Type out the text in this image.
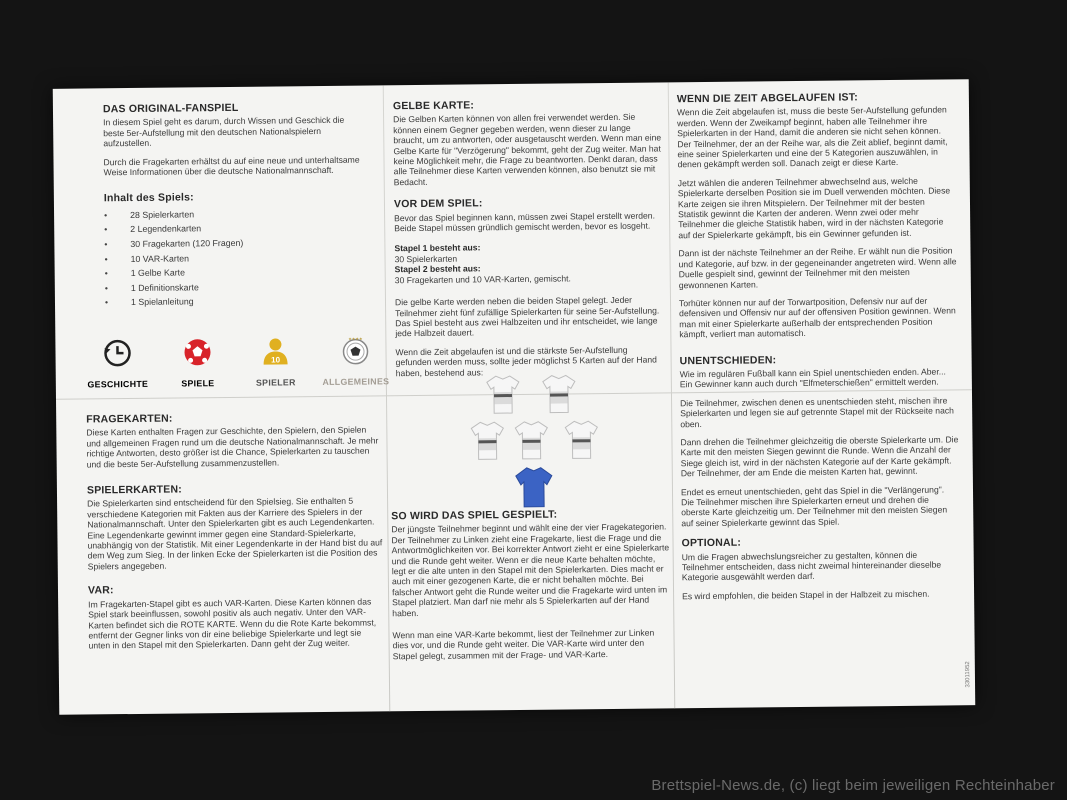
DAS ORIGINAL-FANSPIEL

In diesem Spiel geht es darum, durch Wissen und Geschick die beste 5er-Aufstellung mit den deutschen Nationalspielern aufzustellen.

Durch die Fragekarten erhältst du auf eine neue und unterhaltsame Weise Informationen über die deutsche Nationalmannschaft.

Inhalt des Spiels:
• 28 Spielerkarten
• 2 Legendenkarten
• 30 Fragekarten (120 Fragen)
• 10 VAR-Karten
• 1 Gelbe Karte
• 1 Definitionskarte
• 1 Spielanleitung
GESCHICHTE	SPIELE
10
SPIELER
★★★★
ALLGEMEINES
FRAGEKARTEN:

Diese Karten enthalten Fragen zur Geschichte, den Spielern, den Spielen und allgemeinen Fragen rund um die deutsche Nationalmannschaft. Je mehr richtige Antworten, desto größer ist die Chance, Spielerkarten zu tauschen und die beste 5er-Aufstellung zusammenzustellen.

SPIELERKARTEN:

Die Spielerkarten sind entscheidend für den Spielsieg. Sie enthalten 5 verschiedene Kategorien mit Fakten aus der Karriere des Spielers in der Nationalmannschaft. Unter den Spielerkarten gibt es auch Legendenkarten. Eine Legendenkarte gewinnt immer gegen eine Standard-Spielerkarte, unabhängig von der Statistik. Mit einer Legendenkarte in der Hand bist du auf dem Weg zum Sieg. In der linken Ecke der Spielerkarten ist die Position des Spielers angegeben.

VAR:

Im Fragekarten-Stapel gibt es auch VAR-Karten. Diese Karten können das Spiel stark beeinflussen, sowohl positiv als auch negativ. Unter den VAR-Karten befindet sich die ROTE KARTE. Wenn du die Rote Karte bekommst, entfernt der Gegner links von dir eine beliebige Spielerkarte und legt sie unten in den Stapel mit den Spielerkarten. Dann geht der Zug weiter.

GELBE KARTE:

Die Gelben Karten können von allen frei verwendet werden. Sie können einem Gegner gegeben werden, wenn dieser zu lange braucht, um zu antworten, oder ausgetauscht werden. Wenn man eine Gelbe Karte für "Verzögerung" bekommt, geht der Zug weiter. Man hat keine Möglichkeit mehr, die Frage zu beantworten. Denkt daran, dass alle Teilnehmer diese Karten verwenden können, also benutzt sie mit Bedacht.

VOR DEM SPIEL:

Bevor das Spiel beginnen kann, müssen zwei Stapel erstellt werden. Beide Stapel müssen gründlich gemischt werden, bevor es losgeht.

Stapel 1 besteht aus:
30 Spielerkarten
Stapel 2 besteht aus:
30 Fragekarten und 10 VAR-Karten, gemischt.

Die gelbe Karte werden neben die beiden Stapel gelegt. Jeder Teilnehmer zieht fünf zufällige Spielerkarten für seine 5er-Aufstellung. Das Spiel besteht aus zwei Halbzeiten und ihr entscheidet, wie lange jede Halbzeit dauert.

Wenn die Zeit abgelaufen ist und die stärkste 5er-Aufstellung gefunden werden muss, sollte jeder möglichst 5 Karten auf der Hand haben, bestehend aus:

SO WIRD DAS SPIEL GESPIELT:

Der jüngste Teilnehmer beginnt und wählt eine der vier Fragekategorien. Der Teilnehmer zu Linken zieht eine Fragekarte, liest die Frage und die Antwortmöglichkeiten vor. Bei korrekter Antwort zieht er eine Spielerkarte und die Runde geht weiter. Wenn er die neue Karte behalten möchte, legt er die alte unten in den Stapel mit den Spielerkarten. Dies macht er auch mit einer gezogenen Karte, die er nicht behalten möchte. Bei falscher Antwort geht die Runde weiter und die Fragekarte wird unten im Stapel platziert. Man darf nie mehr als 5 Spielerkarten auf der Hand haben.

Wenn man eine VAR-Karte bekommt, liest der Teilnehmer zur Linken dies vor, und die Runde geht weiter. Die VAR-Karte wird unter den Stapel gelegt, zusammen mit der Frage- und VAR-Karte.

WENN DIE ZEIT ABGELAUFEN IST:

Wenn die Zeit abgelaufen ist, muss die beste 5er-Aufstellung gefunden werden. Wenn der Zweikampf beginnt, haben alle Teilnehmer ihre Spielerkarten in der Hand, damit die anderen sie nicht sehen können. Der Teilnehmer, der an der Reihe war, als die Zeit ablief, beginnt damit, eine seiner Spielerkarten und eine der 5 Kategorien auszuwählen, in denen gekämpft werden soll. Danach zeigt er diese Karte.

Jetzt wählen die anderen Teilnehmer abwechselnd aus, welche Spielerkarte derselben Position sie im Duell verwenden möchten. Diese Karte zeigen sie ihren Mitspielern. Der Teilnehmer mit der besten Statistik gewinnt die Karten der anderen. Wenn zwei oder mehr Teilnehmer die gleiche Statistik haben, wird in der nächsten Kategorie auf der Spielerkarte gekämpft, bis ein Gewinner gefunden ist.

Dann ist der nächste Teilnehmer an der Reihe. Er wählt nun die Position und Kategorie, auf bzw. in der gegeneinander angetreten wird. Wenn alle Duelle gespielt sind, gewinnt der Teilnehmer mit den meisten gewonnenen Karten.

Torhüter können nur auf der Torwartposition, Defensiv nur auf der defensiven und Offensiv nur auf der offensiven Position gewinnen. Wenn man mit einer Spielerkarte außerhalb der entsprechenden Position kämpft, verliert man automatisch.

UNENTSCHIEDEN:

Wie im regulären Fußball kann ein Spiel unentschieden enden. Aber... Ein Gewinner kann auch durch "Elfmeterschießen" ermittelt werden.

Die Teilnehmer, zwischen denen es unentschieden steht, mischen ihre Spielerkarten und legen sie auf getrennte Stapel mit der Rückseite nach oben.

Dann drehen die Teilnehmer gleichzeitig die oberste Spielerkarte um. Die Karte mit den meisten Siegen gewinnt die Runde. Wenn die Anzahl der Siege gleich ist, wird in der nächsten Kategorie auf der Karte gekämpft. Der Teilnehmer, der am Ende die meisten Karten hat, gewinnt.

Endet es erneut unentschieden, geht das Spiel in die "Verlängerung". Die Teilnehmer mischen ihre Spielerkarten erneut und drehen die oberste Karte gleichzeitig um. Der Teilnehmer mit den meisten Siegen auf seiner Spielerkarte gewinnt das Spiel.

OPTIONAL:

Um die Fragen abwechslungsreicher zu gestalten, können die Teilnehmer entscheiden, dass nicht zweimal hintereinander dieselbe Kategorie ausgewählt werden darf.

Es wird empfohlen, die beiden Stapel in der Halbzeit zu mischen.

33011952
Brettspiel-News.de, (c) liegt beim jeweiligen Rechteinhaber
